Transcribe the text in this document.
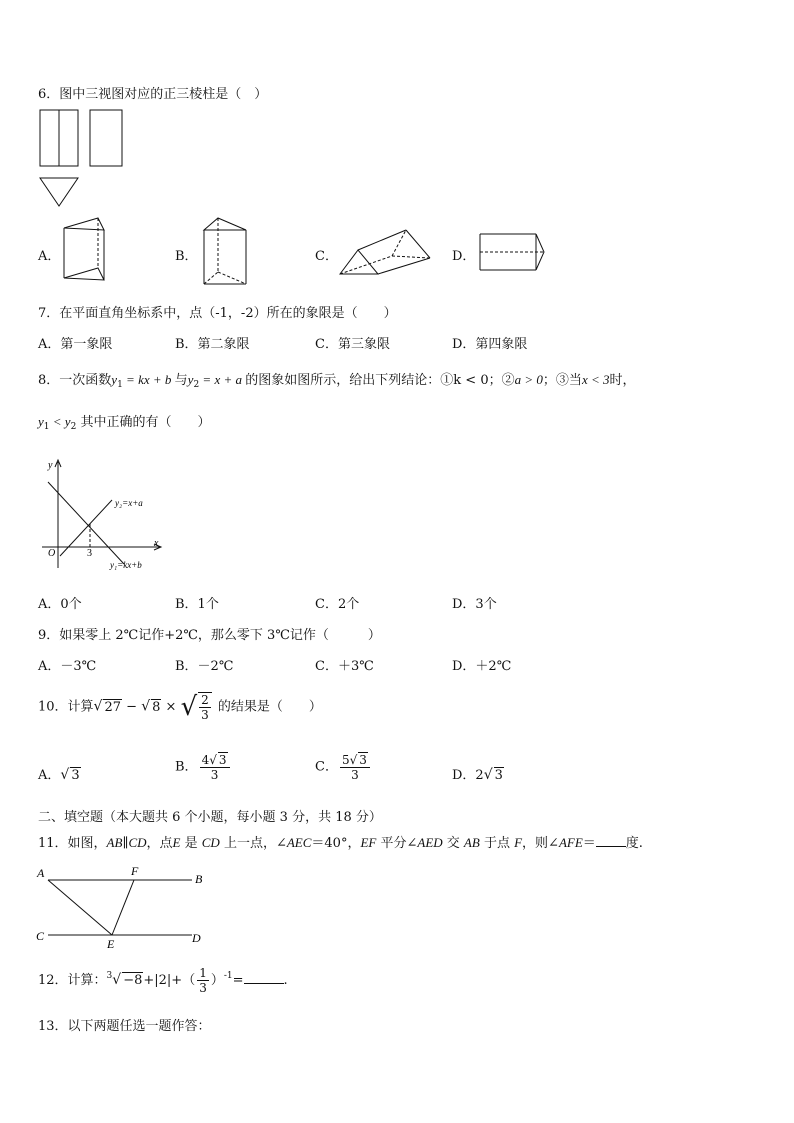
6．图中三视图对应的正三棱柱是（　）
A．	B．	C．	D．
7．在平面直角坐标系中，点（-1，-2）所在的象限是（　　）
A．第一象限	B．第二象限	C．第三象限	D．第四象限
8．一次函数$y_1$ = kx + b 与$y_2 = x + a$ 的图象如图所示，给出下列结论：①k < 0；②a > 0；③当x < 3时，
$y_1 < y_2$ 其中正确的有（　　）
y
x
O	3
y₂=x+a
y₁=kx+b
A．0个	B．1个	C．2个	D．3个
9．如果零上 2℃记作+2℃，那么零下 3℃记作（　　　）
A．－3℃	B．－2℃	C．＋3℃	D．＋2℃
10．计算√ 27 − √ 8 × √ $\frac{2}{3}$ 的结果是（　　）
A．√ 3
B． $\frac{4√ 3}{3}$	C． $\frac{5√ 3}{3}$	D．2√ 3
二、填空题（本大题共 6 个小题，每小题 3 分，共 18 分）
11．如图，AB∥CD，点E 是 CD 上一点，∠AEC＝40°，EF 平分∠AED 交 AB 于点 F，则∠AFE＝ 度.
A	F
B
C
E	D
12．计算：$^3√ -8+|2|+( \frac{1}{3} )^{-1}=$	.
13．以下两题任选一题作答：
